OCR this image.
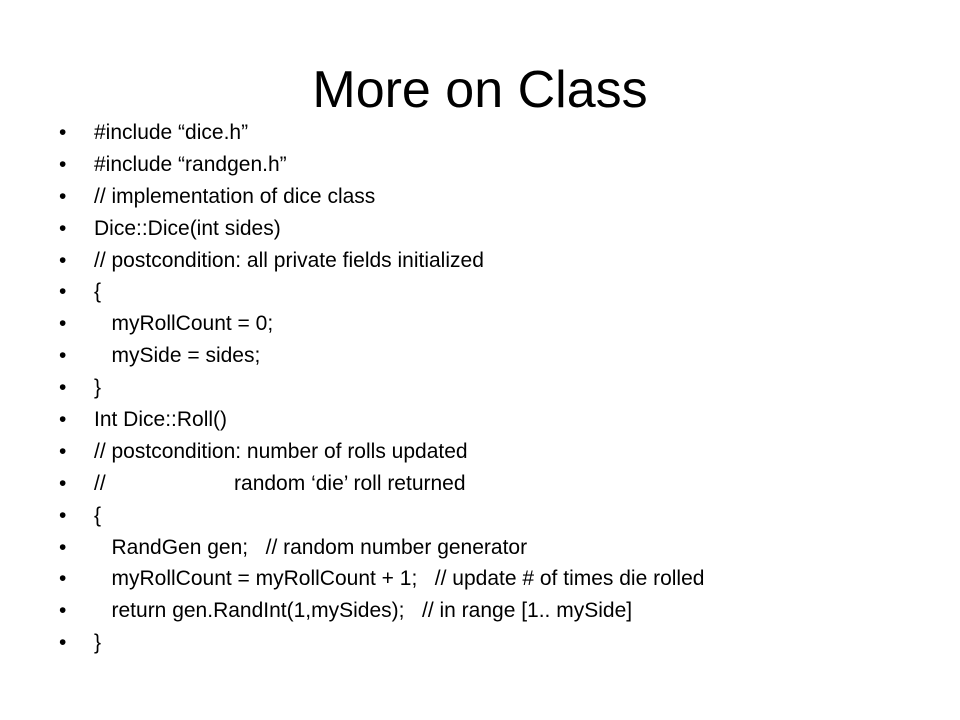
More on Class
• #include “dice.h”
• #include “randgen.h”
• // implementation of dice class
• Dice::Dice(int sides)
• // postcondition: all private fields initialized
• {
• myRollCount = 0;
• mySide = sides;
• }
• Int Dice::Roll()
• // postcondition: number of rolls updated
• //                      random ‘die’ roll returned
• {
• RandGen gen;   // random number generator
• myRollCount = myRollCount + 1;   // update # of times die rolled
• return gen.RandInt(1,mySides);   // in range [1.. mySide]
• }
